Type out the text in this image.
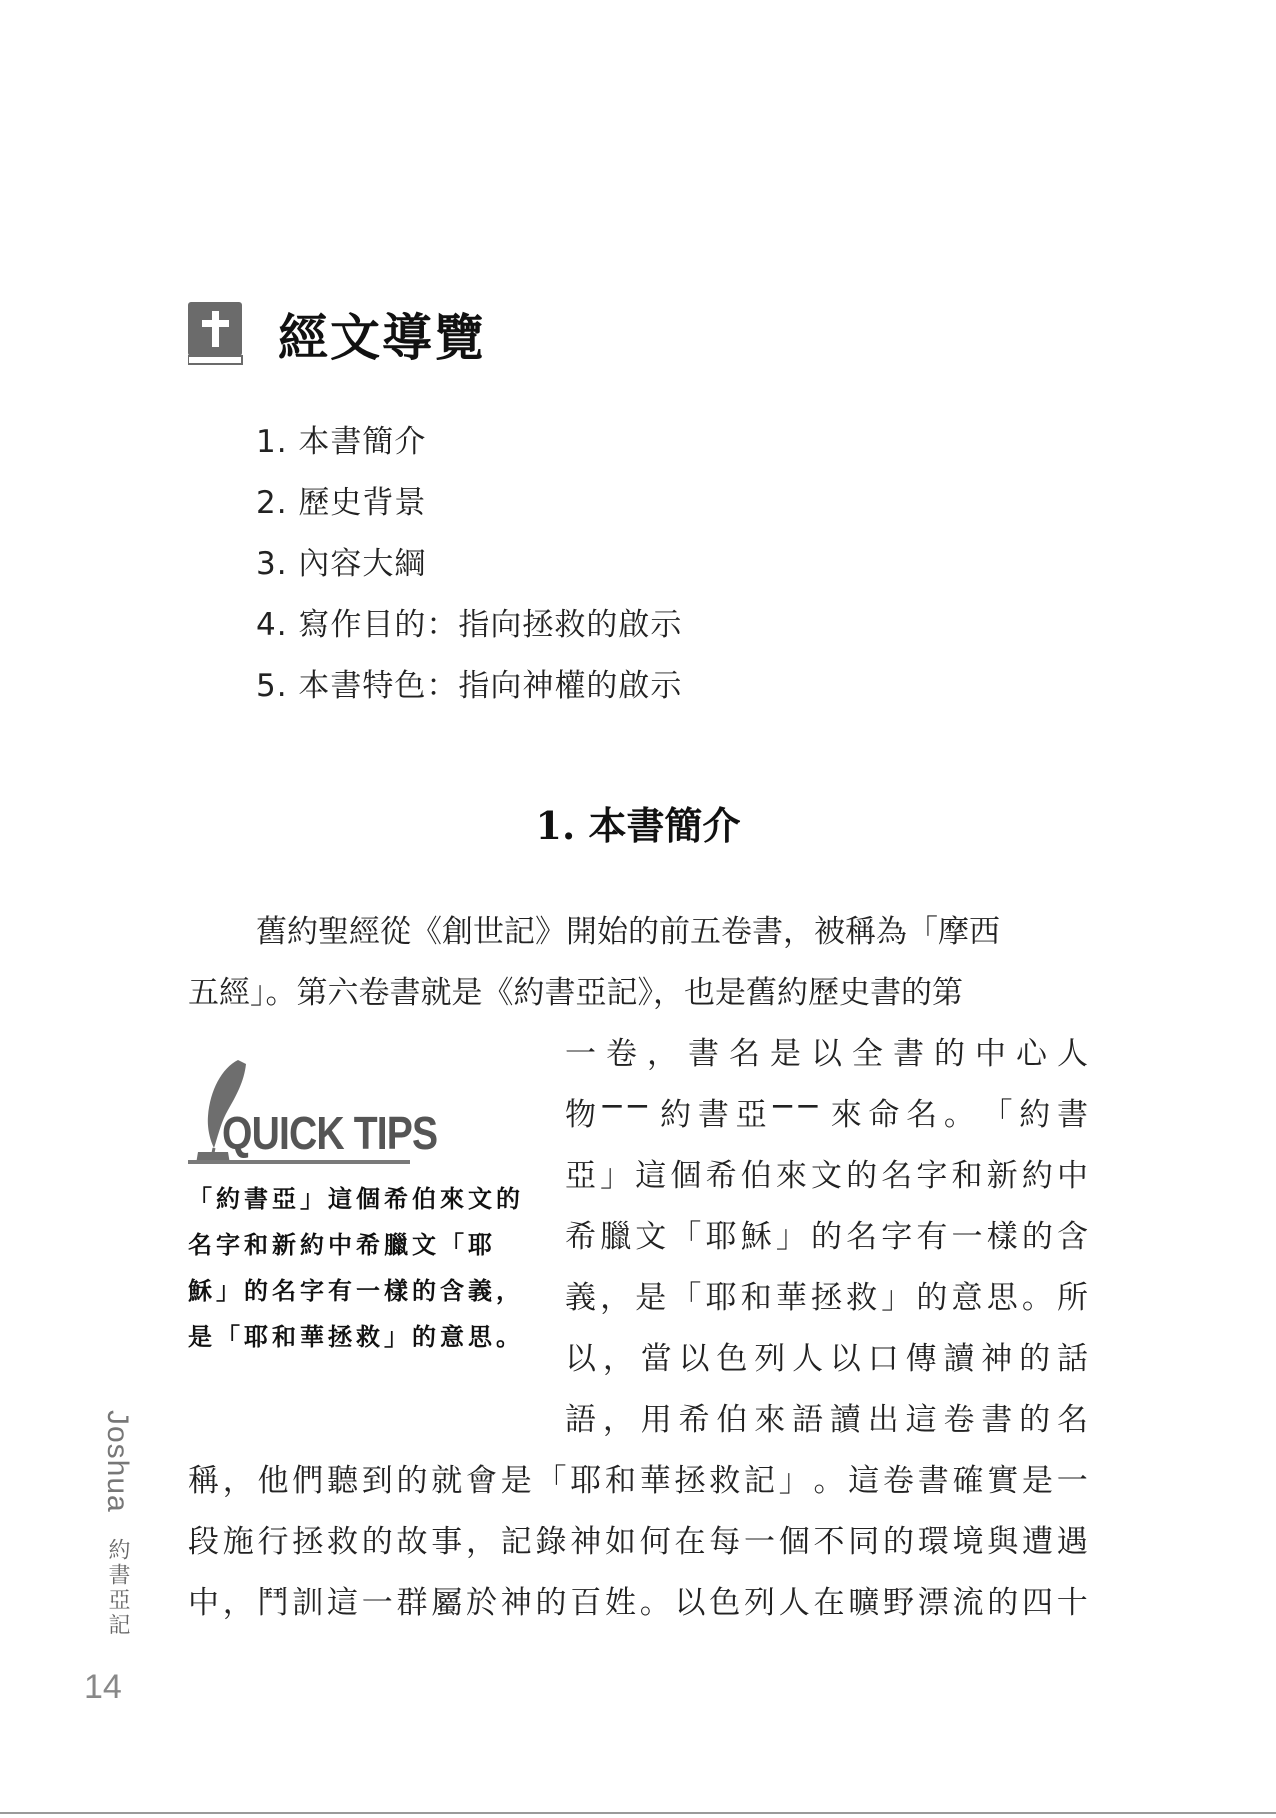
經文導覽
1. 本書簡介
2. 歷史背景
3. 內容大綱
4. 寫作目的：指向拯救的啟示
5. 本書特色：指向神權的啟示
1. 本書簡介
舊約聖經從《創世記》開始的前五卷書，被稱為「摩西
五經」。第六卷書就是《約書亞記》，也是舊約歷史書的第
一 卷 ， 書 名 是 以 全 書 的 中 心 人
物 ─ ─ 約 書 亞 ─ ─ 來 命 名 。 「 約 書
亞 」 這 個 希 伯 來 文 的 名 字 和 新 約 中
希 臘 文 「 耶 穌 」 的 名 字 有 一 樣 的 含
義 ， 是 「 耶 和 華 拯 救 」 的 意 思 。 所
以 ， 當 以 色 列 人 以 口 傳 讀 神 的 話
語 ， 用 希 伯 來 語 讀 出 這 卷 書 的 名
稱 ， 他 們 聽 到 的 就 會 是 「 耶 和 華 拯 救 記 」 。 這 卷 書 確 實 是 一
段 施 行 拯 救 的 故 事 ， 記 錄 神 如 何 在 每 一 個 不 同 的 環 境 與 遭 遇
中 ， 鬥 訓 這 一 群 屬 於 神 的 百 姓 。 以 色 列 人 在 曠 野 漂 流 的 四 十
QUICK TIPS
「約書亞」這個希伯來文的名字和新約中希臘文「耶穌」的名字有一樣的含義，是「耶和華拯救」的意思。
Joshua 約書亞記
14
